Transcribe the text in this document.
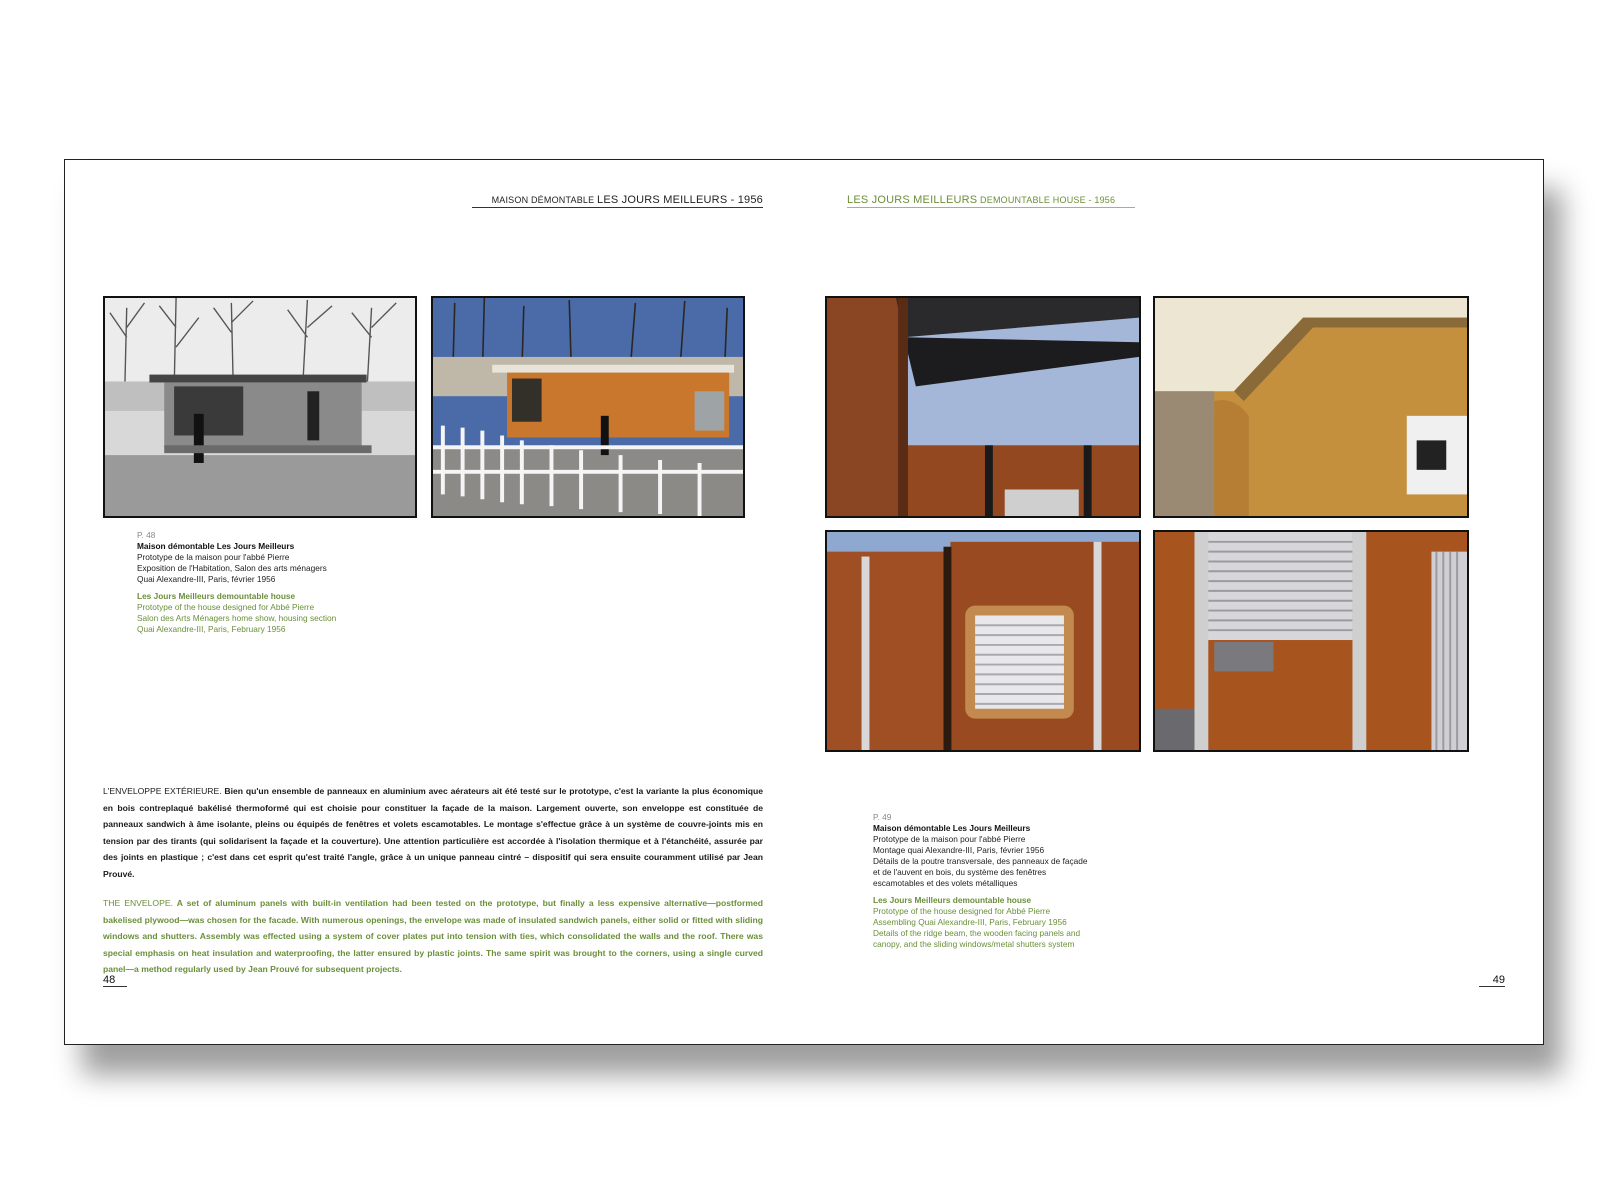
MAISON DÉMONTABLE LES JOURS MEILLEURS - 1956	LES JOURS MEILLEURS DEMOUNTABLE HOUSE - 1956
P. 48
Maison démontable Les Jours Meilleurs
Prototype de la maison pour l'abbé Pierre
Exposition de l'Habitation, Salon des arts ménagers
Quai Alexandre-III, Paris, février 1956
Les Jours Meilleurs demountable house
Prototype of the house designed for Abbé Pierre
Salon des Arts Ménagers home show, housing section
Quai Alexandre-III, Paris, February 1956
P. 49
Maison démontable Les Jours Meilleurs
Prototype de la maison pour l'abbé Pierre
Montage quai Alexandre-III, Paris, février 1956
Détails de la poutre transversale, des panneaux de façade
et de l'auvent en bois, du système des fenêtres
escamotables et des volets métalliques
Les Jours Meilleurs demountable house
Prototype of the house designed for Abbé Pierre
Assembling Quai Alexandre-III, Paris, February 1956
Details of the ridge beam, the wooden facing panels and
canopy, and the sliding windows/metal shutters system
L'ENVELOPPE EXTÉRIEURE. Bien qu'un ensemble de panneaux en aluminium avec aérateurs ait été testé sur le prototype, c'est la variante la plus économique en bois contreplaqué bakélisé thermoformé qui est choisie pour constituer la façade de la maison. Largement ouverte, son enveloppe est constituée de panneaux sandwich à âme isolante, pleins ou équipés de fenêtres et volets escamotables. Le montage s'effectue grâce à un système de couvre-joints mis en tension par des tirants (qui solidarisent la façade et la couverture). Une attention particulière est accordée à l'isolation thermique et à l'étanchéité, assurée par des joints en plastique ; c'est dans cet esprit qu'est traité l'angle, grâce à un unique panneau cintré – dispositif qui sera ensuite couramment utilisé par Jean Prouvé.
THE ENVELOPE. A set of aluminum panels with built-in ventilation had been tested on the prototype, but finally a less expensive alternative—postformed bakelised plywood—was chosen for the facade. With numerous openings, the envelope was made of insulated sandwich panels, either solid or fitted with sliding windows and shutters. Assembly was effected using a system of cover plates put into tension with ties, which consolidated the walls and the roof. There was special emphasis on heat insulation and waterproofing, the latter ensured by plastic joints. The same spirit was brought to the corners, using a single curved panel—a method regularly used by Jean Prouvé for subsequent projects.
48	49
